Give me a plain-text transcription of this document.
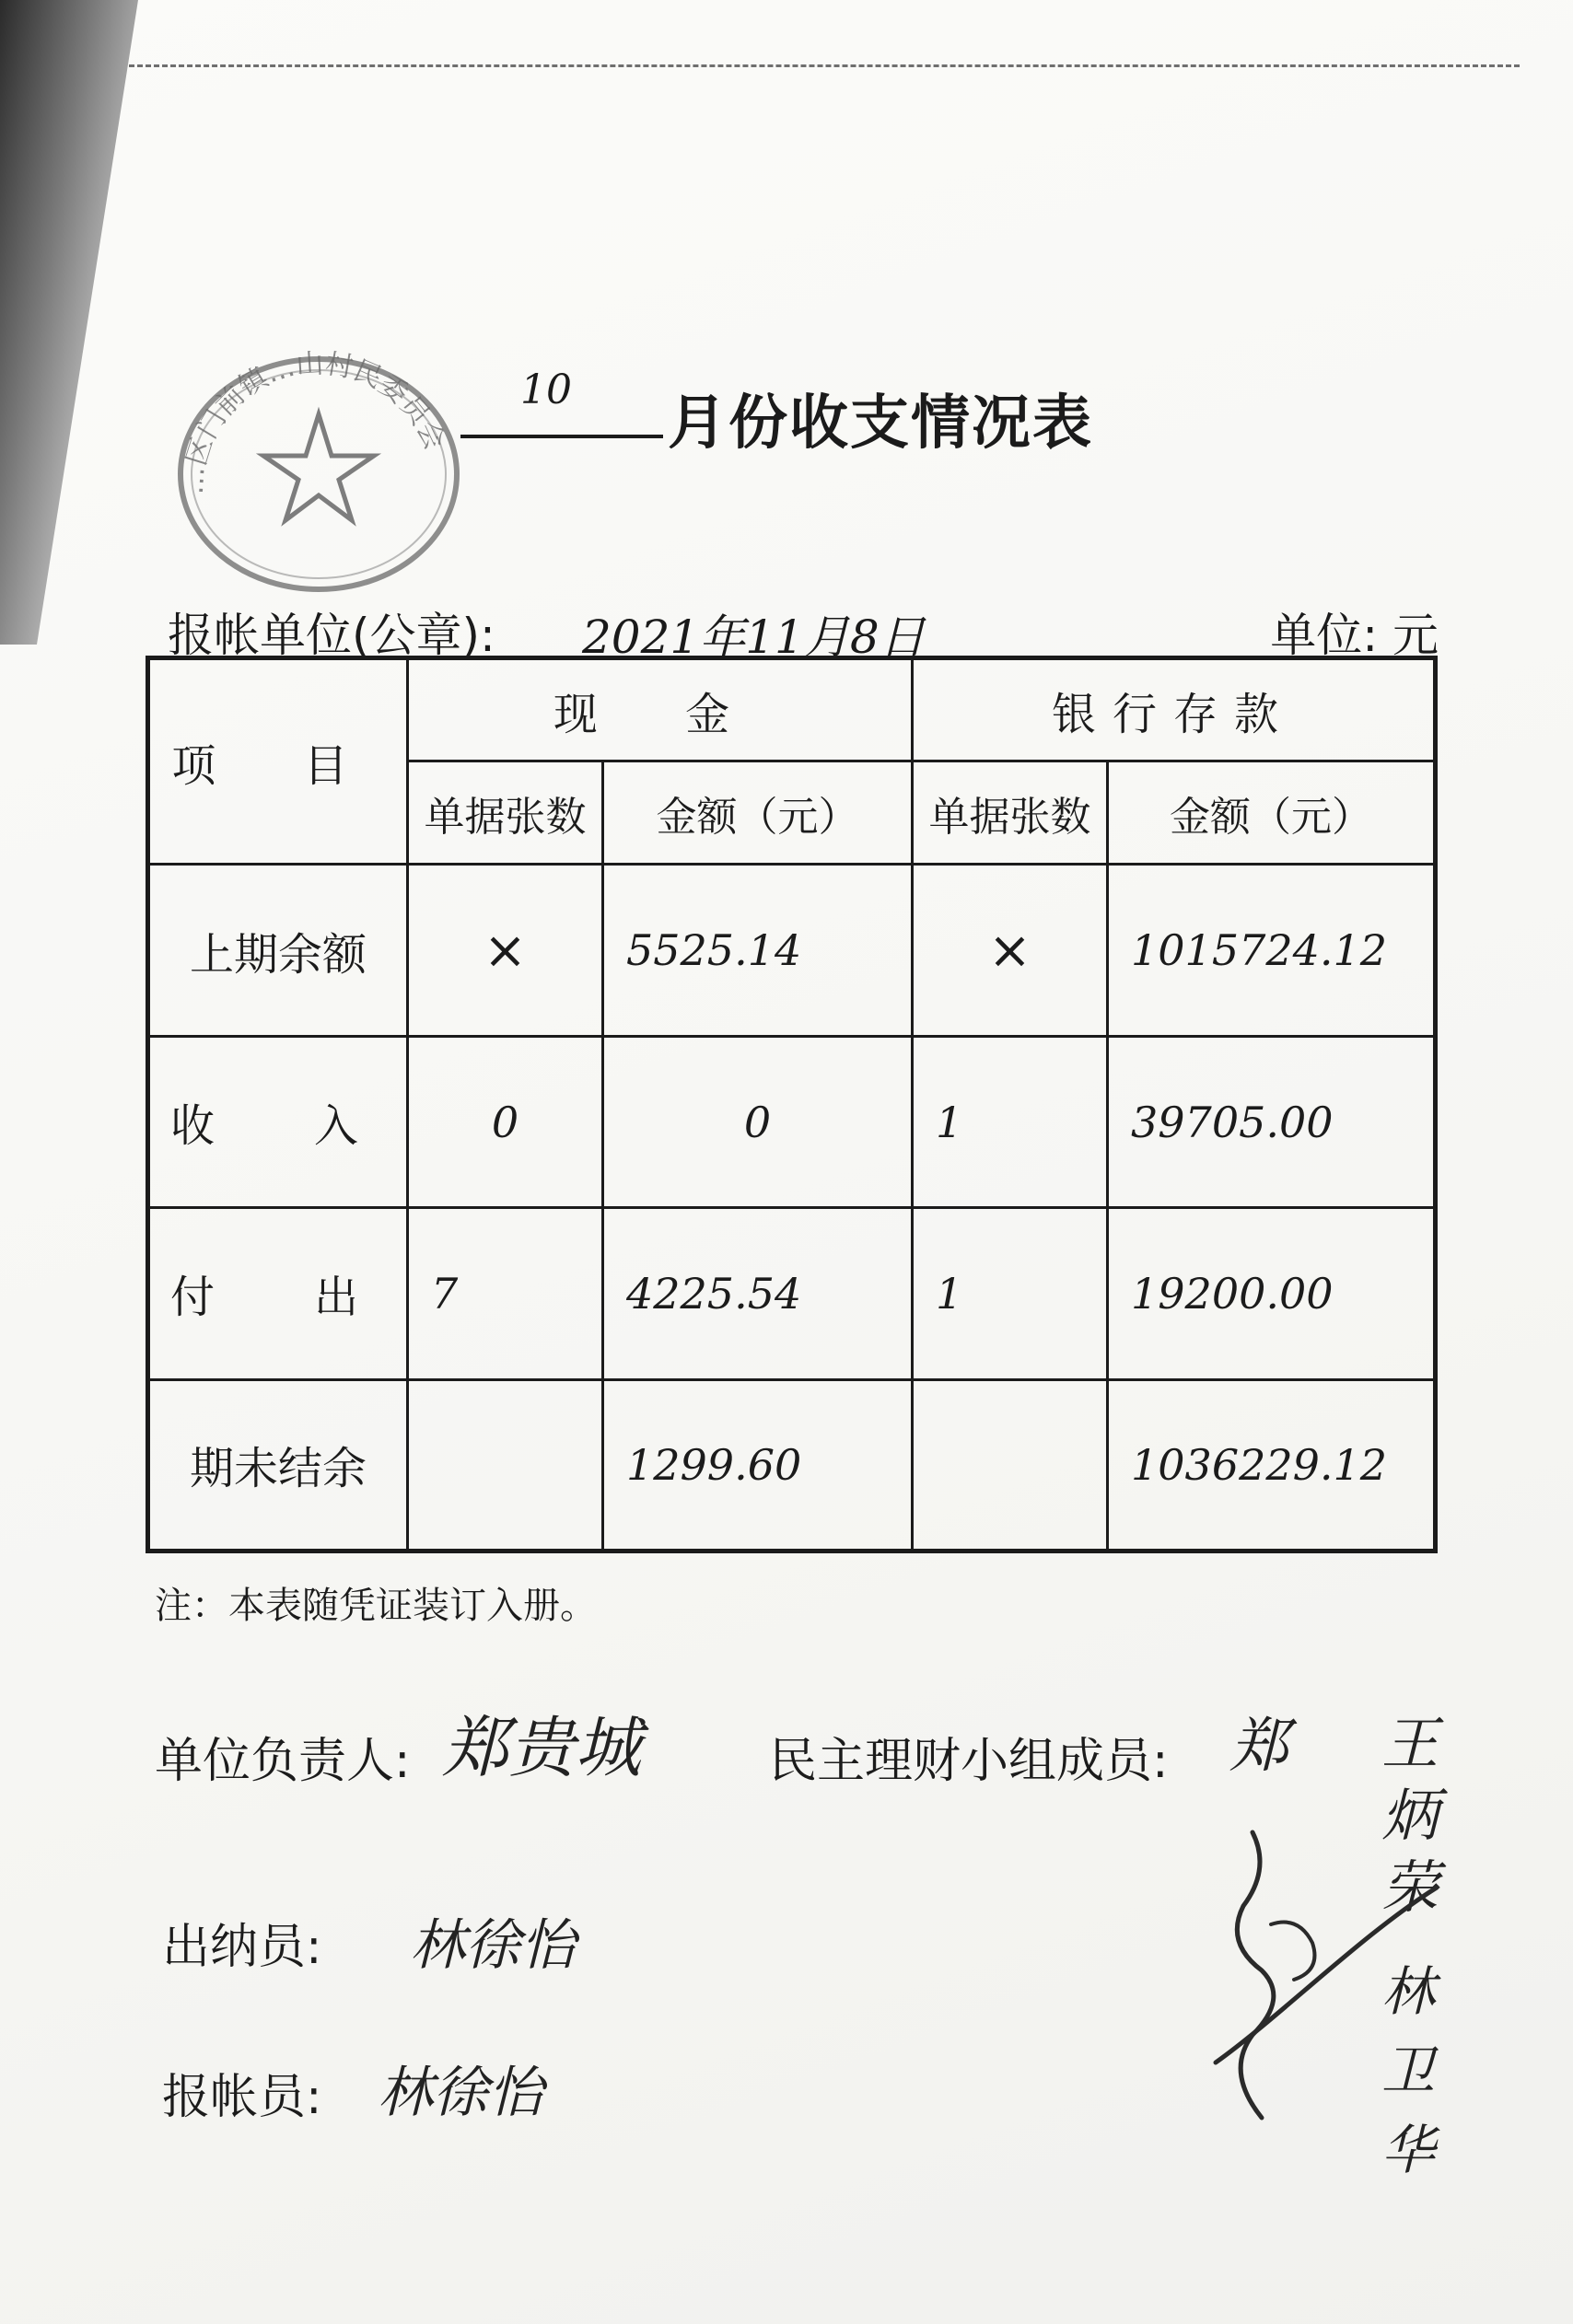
…区门前镇…山村民委员会
10 月份收支情况表
报帐单位(公章): 2021年11月8日	单位: 元
项 目	现 金		银行存款	
	单据张数	金额（元）	单据张数	金额（元）
上期余额	×	5525.14	×	1015724.12
收　入	0	0	1	39705.00
付　出	7	4225.54	1	19200.00
期未结余		1299.60		1036229.12
注：本表随凭证装订入册。
单位负责人: 郑贵城	民主理财小组成员: 郑 王炳荣
林卫华
出纳员: 林徐怡
报帐员: 林徐怡
